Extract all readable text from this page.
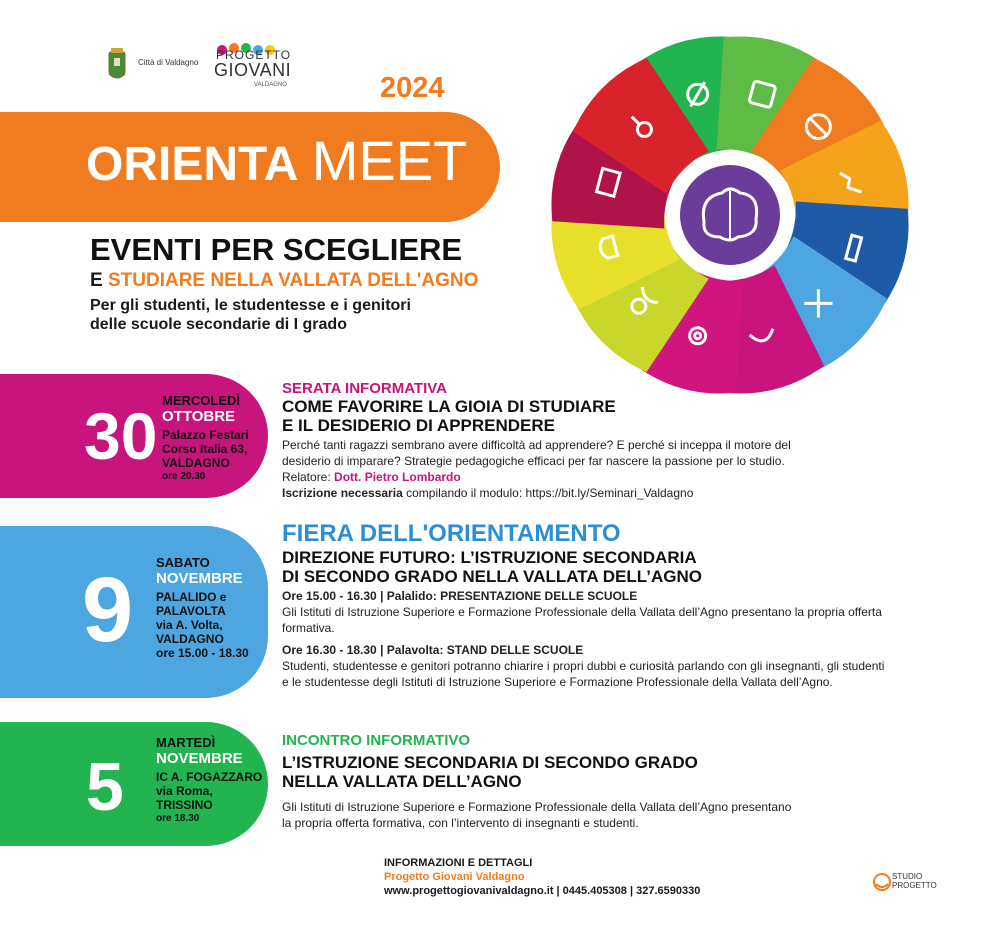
Città di Valdagno
PROGETTO
GIOVANI
VALDAGNO	2024
ORIENTA MEET
EVENTI PER SCEGLIERE
E STUDIARE NELLA VALLATA DELL'AGNO
Per gli studenti, le studentesse e i genitori
delle scuole secondarie di I grado
30 MERCOLEDÌ
OTTOBRE
Palazzo Festari
Corso Italia 63,
VALDAGNO
ore 20.30
SERATA INFORMATIVA
COME FAVORIRE LA GIOIA DI STUDIARE
E IL DESIDERIO DI APPRENDERE
Perché tanti ragazzi sembrano avere difficoltà ad apprendere? E perché si inceppa il motore del
desiderio di imparare? Strategie pedagogiche efficaci per far nascere la passione per lo studio.
Relatore: Dott. Pietro Lombardo
Iscrizione necessaria compilando il modulo: https://bit.ly/Seminari_Valdagno
9 SABATO
NOVEMBRE
PALALIDO e
PALAVOLTA
via A. Volta,
VALDAGNO
ore 15.00 - 18.30
FIERA DELL'ORIENTAMENTO
DIREZIONE FUTURO: L’ISTRUZIONE SECONDARIA
DI SECONDO GRADO NELLA VALLATA DELL’AGNO
Ore 15.00 - 16.30 | Palalido: PRESENTAZIONE DELLE SCUOLE
Gli Istituti di Istruzione Superiore e Formazione Professionale della Vallata dell’Agno presentano la propria offerta
formativa.
Ore 16.30 - 18.30 | Palavolta: STAND DELLE SCUOLE
Studenti, studentesse e genitori potranno chiarire i propri dubbi e curiosità parlando con gli insegnanti, gli studenti
e le studentesse degli Istituti di Istruzione Superiore e Formazione Professionale della Vallata dell’Agno.
5
MARTEDÌ
NOVEMBRE
IC A. FOGAZZARO
via Roma,
TRISSINO
ore 18.30
INCONTRO INFORMATIVO
L’ISTRUZIONE SECONDARIA DI SECONDO GRADO
NELLA VALLATA DELL’AGNO
Gli Istituti di Istruzione Superiore e Formazione Professionale della Vallata dell’Agno presentano
la propria offerta formativa, con l’intervento di insegnanti e studenti.
INFORMAZIONI E DETTAGLI
Progetto Giovani Valdagno
www.progettogiovanivaldagno.it | 0445.405308 | 327.6590330
STUDIO
PROGETTO
